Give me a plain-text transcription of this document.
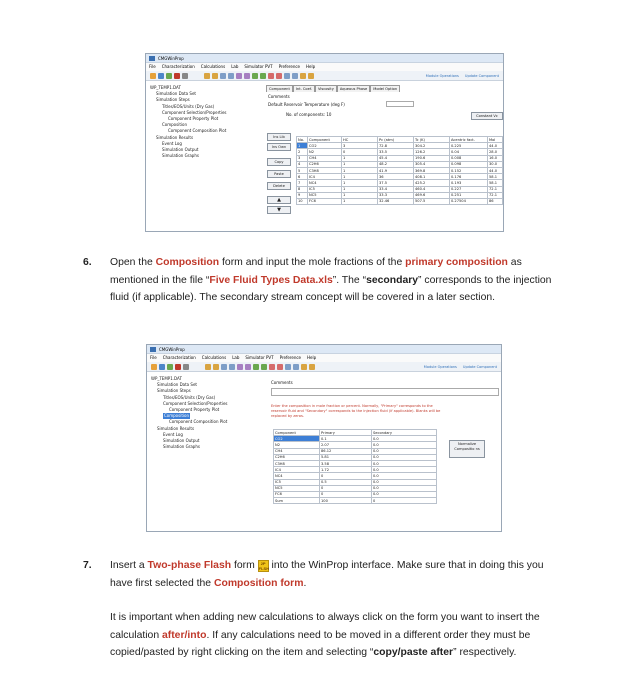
CMGWinProp
File Characterization Calculations Lab Simulator PVT Preference Help
Module Operations Update Component
WP_TEMP1.DAT
Simulation Data Set
Simulation Steps
Titles/EOS/Units (Dry Gas)
Component Selection/Properties
Component Property Plot
Composition
Component Composition Plot
Simulation Results
Event Log
Simulation Output
Simulation Graphs
Component	Int. Coef.	Viscosity	Aqueous Phase	Model Option
Comments
Default Reservoir Temperature (deg F)
No. of components: 10	Constant Vc
Ins Lib
Ins Own
Copy
Paste
Delete
▲
▼
No.	Component	HC	Pc (atm)	Tc (K)	Acentric fact.	Mol
1	CO2	3	72.8	304.2	0.225	44.0
2	N2	0	33.5	126.2	0.04	28.0
3	CH4	1	45.4	190.6	0.008	16.0
4	C2H6	1	48.2	305.4	0.098	30.0
5	C3H8	1	41.9	369.8	0.152	44.0
6	IC4	1	36	408.1	0.176	58.1
7	NC4	1	37.5	425.2	0.193	58.1
8	IC5	1	33.4	460.4	0.227	72.1
9	NC5	1	33.3	469.6	0.251	72.1
10	FC6	1	32.46	507.5	0.27504	86
6. Open the Composition form and input the mole fractions of the primary composition as mentioned in the file “Five Fluid Types Data.xls”. The “secondary” corresponds to the injection fluid (if applicable). The secondary stream concept will be covered in a later section.
CMGWinProp
File Characterization Calculations Lab Simulator PVT Preference Help
Module Operations Update Component
WP_TEMP1.DAT
Simulation Data Set
Simulation Steps
Titles/EOS/Units (Dry Gas)
Component Selection/Properties
Component Property Plot
Composition
Component Composition Plot
Simulation Results
Event Log
Simulation Output
Simulation Graphs
Comments
Enter the composition in mole fraction or percent. Normally, "Primary" corresponds to the reservoir fluid and "Secondary" corresponds to the injection fluid (if applicable). Blanks will be replaced by zeros.
Component	Primary	Secondary
CO2	0.1	0.0
N2	2.07	0.0
CH4	86.12	0.0
C2H6	5.81	0.0
C3H8	3.58	0.0
IC4	1.72	0.0
NC4	0	0.0
IC5	0.5	0.0
NC5	0	0.0
FC6	0	0.0
Sum	100	0
Normalize Compositio ns
7. Insert a Two-phase Flash form 2P FLSH into the WinProp interface. Make sure that in doing this you have first selected the Composition form.
It is important when adding new calculations to always click on the form you want to insert the calculation after/into. If any calculations need to be moved in a different order they must be copied/pasted by right clicking on the item and selecting “copy/paste after” respectively.
